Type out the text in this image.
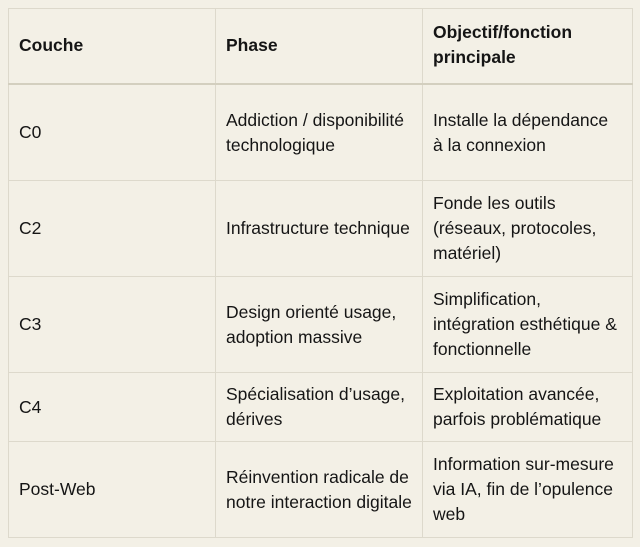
Couche	Phase	Objectif/fonction principale
C0	Addiction / disponibilité technologique	Installe la dépendance à la connexion
C2	Infrastructure technique	Fonde les outils (réseaux, protocoles, matériel)
C3	Design orienté usage, adoption massive	Simplification, intégration esthétique & fonctionnelle
C4	Spécialisation d’usage, dérives	Exploitation avancée, parfois problématique
Post-Web	Réinvention radicale de notre interaction digitale	Information sur-mesure via IA, fin de l’opulence web
